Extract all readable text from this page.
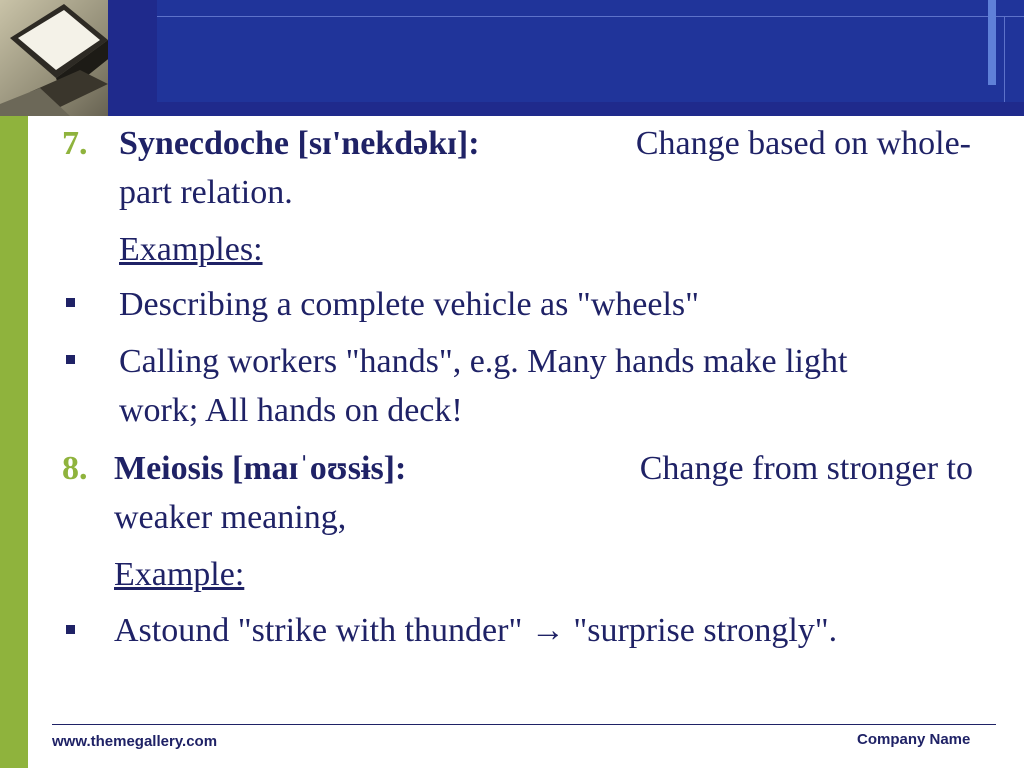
7. Synecdoche [sɪ'nekdəkɪ]:	Change based on whole-
part relation.
Examples:
Describing a complete vehicle as "wheels"
Calling workers "hands", e.g. Many hands make light
work; All hands on deck!
8. Meiosis [maɪˈoʊsɨs]:	Change from stronger to
weaker meaning,
Example:
Astound "strike with thunder" → "surprise strongly".
www.themegallery.com	Company Name
